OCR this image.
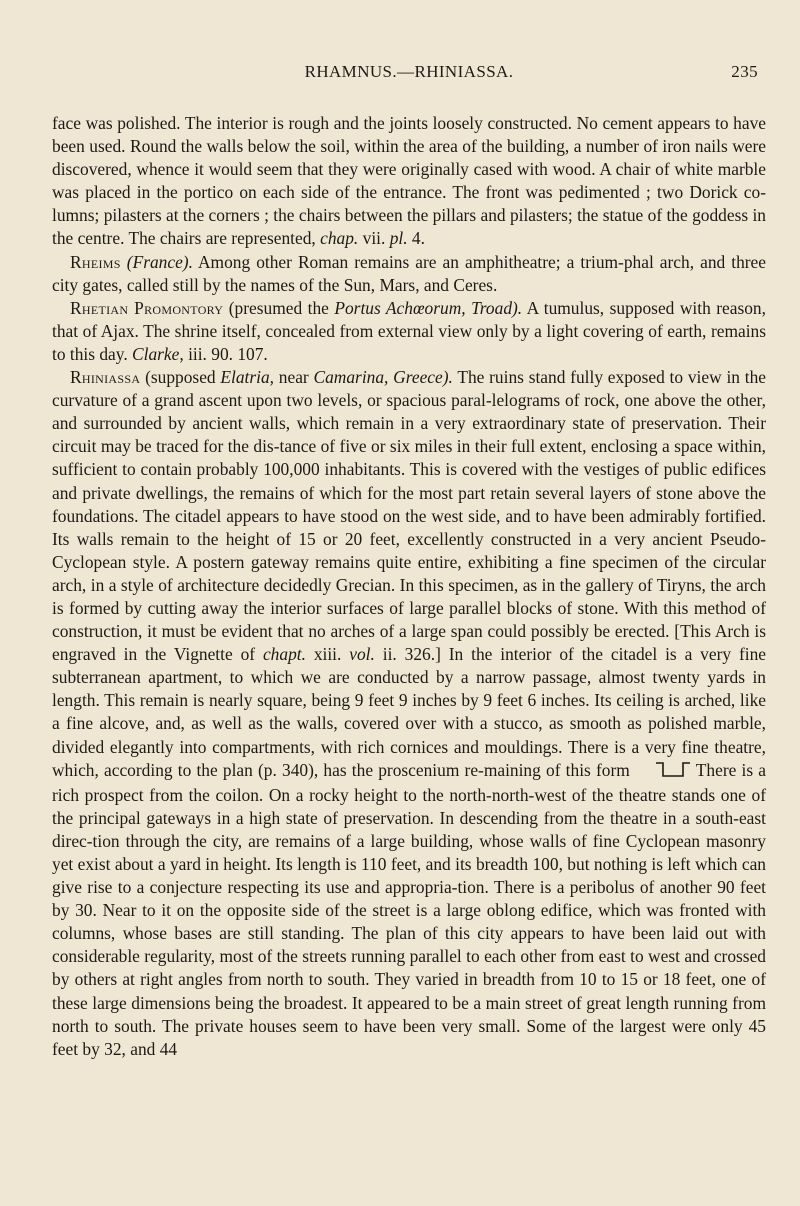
RHAMNUS.—RHINIASSA.	235

face was polished. The interior is rough and the joints loosely constructed. No cement appears to have been used. Round the walls below the soil, within the area of the building, a number of iron nails were discovered, whence it would seem that they were originally cased with wood. A chair of white marble was placed in the portico on each side of the entrance. The front was pedimented ; two Dorick co-lumns; pilasters at the corners ; the chairs between the pillars and pilasters; the statue of the goddess in the centre. The chairs are represented, chap. vii. pl. 4.

Rheims (France). Among other Roman remains are an amphitheatre; a trium-phal arch, and three city gates, called still by the names of the Sun, Mars, and Ceres.

Rhetian Promontory (presumed the Portus Achœorum, Troad). A tumulus, supposed with reason, that of Ajax. The shrine itself, concealed from external view only by a light covering of earth, remains to this day. Clarke, iii. 90. 107.

Rhiniassa (supposed Elatria, near Camarina, Greece). The ruins stand fully exposed to view in the curvature of a grand ascent upon two levels, or spacious paral-lelograms of rock, one above the other, and surrounded by ancient walls, which remain in a very extraordinary state of preservation. Their circuit may be traced for the dis-tance of five or six miles in their full extent, enclosing a space within, sufficient to contain probably 100,000 inhabitants. This is covered with the vestiges of public edifices and private dwellings, the remains of which for the most part retain several layers of stone above the foundations. The citadel appears to have stood on the west side, and to have been admirably fortified. Its walls remain to the height of 15 or 20 feet, excellently constructed in a very ancient Pseudo-Cyclopean style. A postern gateway remains quite entire, exhibiting a fine specimen of the circular arch, in a style of architecture decidedly Grecian. In this specimen, as in the gallery of Tiryns, the arch is formed by cutting away the interior surfaces of large parallel blocks of stone. With this method of construction, it must be evident that no arches of a large span could possibly be erected. [This Arch is engraved in the Vignette of chapt. xiii. vol. ii. 326.] In the interior of the citadel is a very fine subterranean apartment, to which we are conducted by a narrow passage, almost twenty yards in length. This remain is nearly square, being 9 feet 9 inches by 9 feet 6 inches. Its ceiling is arched, like a fine alcove, and, as well as the walls, covered over with a stucco, as smooth as polished marble, divided elegantly into compartments, with rich cornices and mouldings. There is a very fine theatre, which, according to the plan (p. 340), has the proscenium re-maining of this form	There is a rich prospect from the coilon. On a rocky height to the north-north-west of the theatre stands one of the principal gateways in a high state of preservation. In descending from the theatre in a south-east direc-tion through the city, are remains of a large building, whose walls of fine Cyclopean masonry yet exist about a yard in height. Its length is 110 feet, and its breadth 100, but nothing is left which can give rise to a conjecture respecting its use and appropria-tion. There is a peribolus of another 90 feet by 30. Near to it on the opposite side of the street is a large oblong edifice, which was fronted with columns, whose bases are still standing. The plan of this city appears to have been laid out with considerable regularity, most of the streets running parallel to each other from east to west and crossed by others at right angles from north to south. They varied in breadth from 10 to 15 or 18 feet, one of these large dimensions being the broadest. It appeared to be a main street of great length running from north to south. The private houses seem to have been very small. Some of the largest were only 45 feet by 32, and 44
